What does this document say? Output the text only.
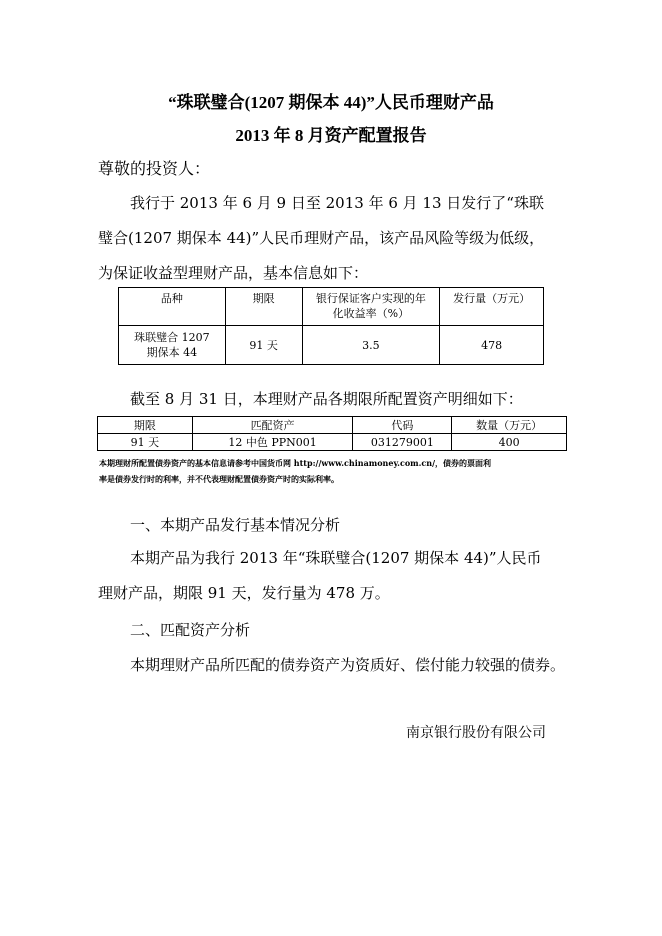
“珠联璧合(1207 期保本 44)”人民币理财产品
2013 年 8 月资产配置报告
尊敬的投资人：
我行于 2013 年 6 月 9 日至 2013 年 6 月 13 日发行了“珠联
璧合(1207 期保本 44)”人民币理财产品，该产品风险等级为低级，
为保证收益型理财产品，基本信息如下：
品种	期限	银行保证客户实现的年化收益率（%）	发行量（万元）

珠联璧合 1207
期保本 44	91 天	3.5	478
截至 8 月 31 日，本理财产品各期限所配置资产明细如下：
期限	匹配资产	代码	数量（万元）
91 天	12 中色 PPN001	031279001	400
本期理财所配置债券资产的基本信息请参考中国货币网 http://www.chinamoney.com.cn/，债券的票面利
率是债券发行时的利率，并不代表理财配置债券资产时的实际利率。
一、本期产品发行基本情况分析
本期产品为我行 2013 年“珠联璧合(1207 期保本 44)”人民币
理财产品，期限 91 天，发行量为 478 万。
二、匹配资产分析
本期理财产品所匹配的债券资产为资质好、偿付能力较强的债券。
南京银行股份有限公司
